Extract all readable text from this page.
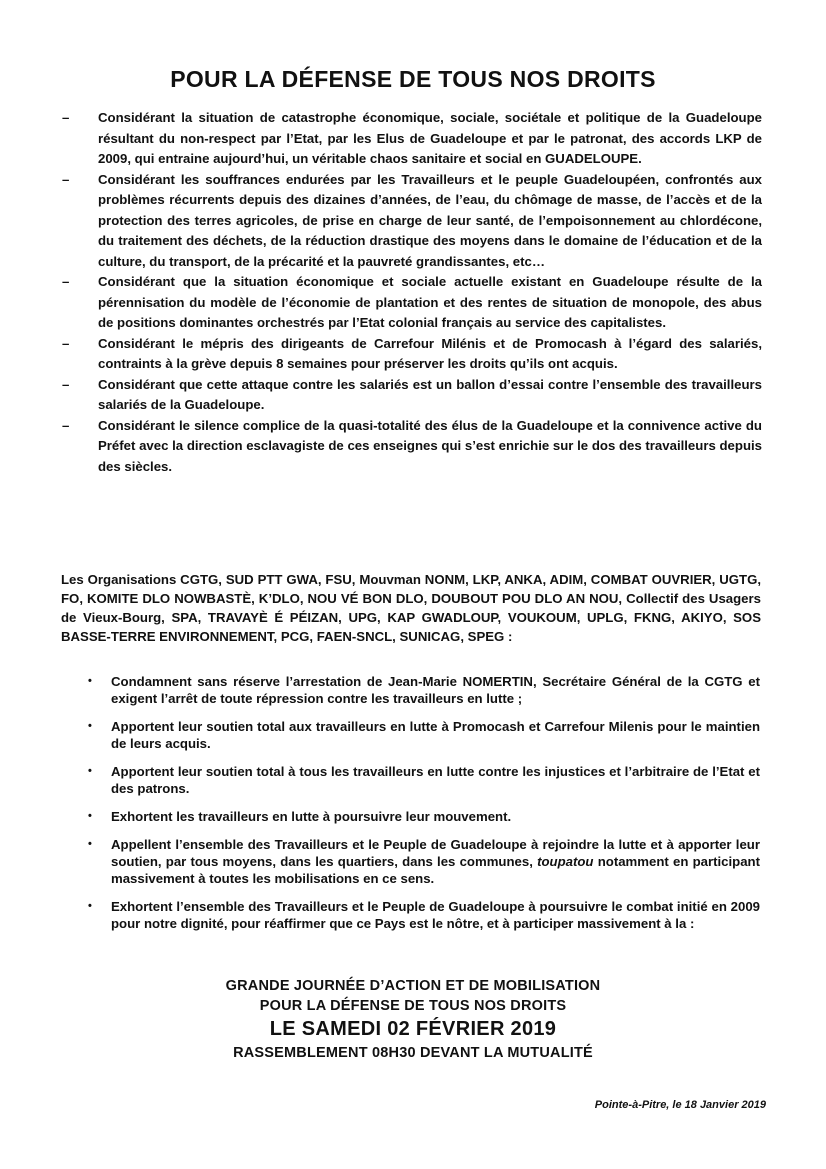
POUR LA DÉFENSE DE TOUS NOS DROITS
–	Considérant la situation de catastrophe économique, sociale, sociétale et politique de la Guadeloupe résultant du non-respect par l’Etat, par les Elus de Guadeloupe et par le patronat, des accords LKP de 2009, qui entraine aujourd’hui, un véritable chaos sanitaire et social en GUADELOUPE.
–	Considérant les souffrances endurées par les Travailleurs et le peuple Guadeloupéen, confrontés aux problèmes récurrents depuis des dizaines d’années, de l’eau, du chômage de masse, de l’accès et de la protection des terres agricoles, de prise en charge de leur santé, de l’empoisonnement au chlordécone, du traitement des déchets, de la réduction drastique des moyens dans le domaine de l’éducation et de la culture, du transport, de la précarité et la pauvreté grandissantes, etc…
–	Considérant que la situation économique et sociale actuelle existant en Guadeloupe résulte de la pérennisation du modèle de l’économie de plantation et des rentes de situation de monopole, des abus de positions dominantes orchestrés par l’Etat colonial français au service des capitalistes.
–	Considérant le mépris des dirigeants de Carrefour Milénis et de Promocash à l’égard des salariés, contraints à la grève depuis 8 semaines pour préserver les droits qu’ils ont acquis.
–	Considérant que cette attaque contre les salariés est un ballon d’essai contre l’ensemble des travailleurs salariés de la Guadeloupe.
–	Considérant le silence complice de la quasi-totalité des élus de la Guadeloupe et la connivence active du Préfet avec la direction esclavagiste de ces enseignes qui s’est enrichie sur le dos des travailleurs depuis des siècles.
Les Organisations CGTG, SUD PTT GWA, FSU, Mouvman NONM, LKP, ANKA, ADIM, COMBAT OUVRIER, UGTG, FO, KOMITE DLO NOWBASTÈ, K’DLO, NOU VÉ BON DLO, DOUBOUT POU DLO AN NOU, Collectif des Usagers de Vieux-Bourg, SPA, TRAVAYÈ É PÉIZAN, UPG, KAP GWADLOUP, VOUKOUM, UPLG, FKNG, AKIYO, SOS BASSE-TERRE ENVIRONNEMENT, PCG, FAEN-SNCL, SUNICAG, SPEG :
•	Condamnent sans réserve l’arrestation de Jean-Marie NOMERTIN, Secrétaire Général de la CGTG et exigent l’arrêt de toute répression contre les travailleurs en lutte ;
•	Apportent leur soutien total aux travailleurs en lutte à Promocash et Carrefour Milenis pour le maintien de leurs acquis.
•	Apportent leur soutien total à tous les travailleurs en lutte contre les injustices et l’arbitraire de l’Etat et des patrons.
•	Exhortent les travailleurs en lutte à poursuivre leur mouvement.
•	Appellent l’ensemble des Travailleurs et le Peuple de Guadeloupe à rejoindre la lutte et à apporter leur soutien, par tous moyens, dans les quartiers, dans les communes, toupatou notamment en participant massivement à toutes les mobilisations en ce sens.
•	Exhortent l’ensemble des Travailleurs et le Peuple de Guadeloupe à poursuivre le combat initié en 2009 pour notre dignité, pour réaffirmer que ce Pays est le nôtre, et à participer massivement à la :
GRANDE JOURNÉE D’ACTION ET DE MOBILISATION
POUR LA DÉFENSE DE TOUS NOS DROITS
LE SAMEDI 02 FÉVRIER 2019
RASSEMBLEMENT 08H30 DEVANT LA MUTUALITÉ
Pointe-à-Pitre, le 18 Janvier 2019
